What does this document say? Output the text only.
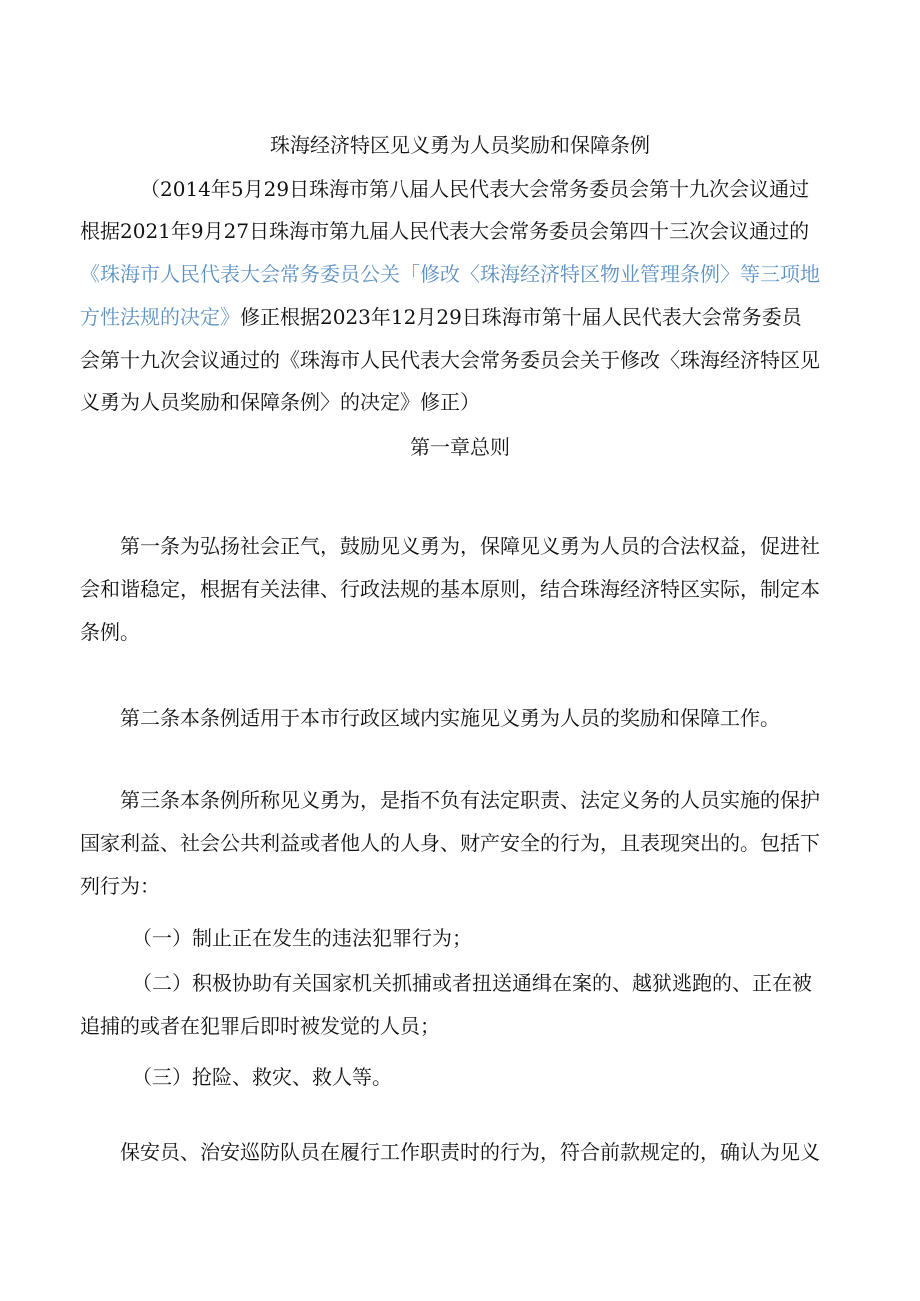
珠海经济特区见义勇为人员奖励和保障条例
（2014年5月29日珠海市第八届人民代表大会常务委员会第十九次会议通过
根据2021年9月27日珠海市第九届人民代表大会常务委员会第四十三次会议通过的
《珠海市人民代表大会常务委员公关「修改〈珠海经济特区物业管理条例〉等三项地
方性法规的决定》修正根据2023年12月29日珠海市第十届人民代表大会常务委员
会第十九次会议通过的《珠海市人民代表大会常务委员会关于修改〈珠海经济特区见
义勇为人员奖励和保障条例〉的决定》修正）
第一章总则
第一条为弘扬社会正气，鼓励见义勇为，保障见义勇为人员的合法权益，促进社
会和谐稳定，根据有关法律、行政法规的基本原则，结合珠海经济特区实际，制定本
条例。
第二条本条例适用于本市行政区域内实施见义勇为人员的奖励和保障工作。
第三条本条例所称见义勇为，是指不负有法定职责、法定义务的人员实施的保护
国家利益、社会公共利益或者他人的人身、财产安全的行为，且表现突出的。包括下
列行为：
（一）制止正在发生的违法犯罪行为；
（二）积极协助有关国家机关抓捕或者扭送通缉在案的、越狱逃跑的、正在被
追捕的或者在犯罪后即时被发觉的人员；
（三）抢险、救灾、救人等。
保安员、治安巡防队员在履行工作职责时的行为，符合前款规定的，确认为见义
